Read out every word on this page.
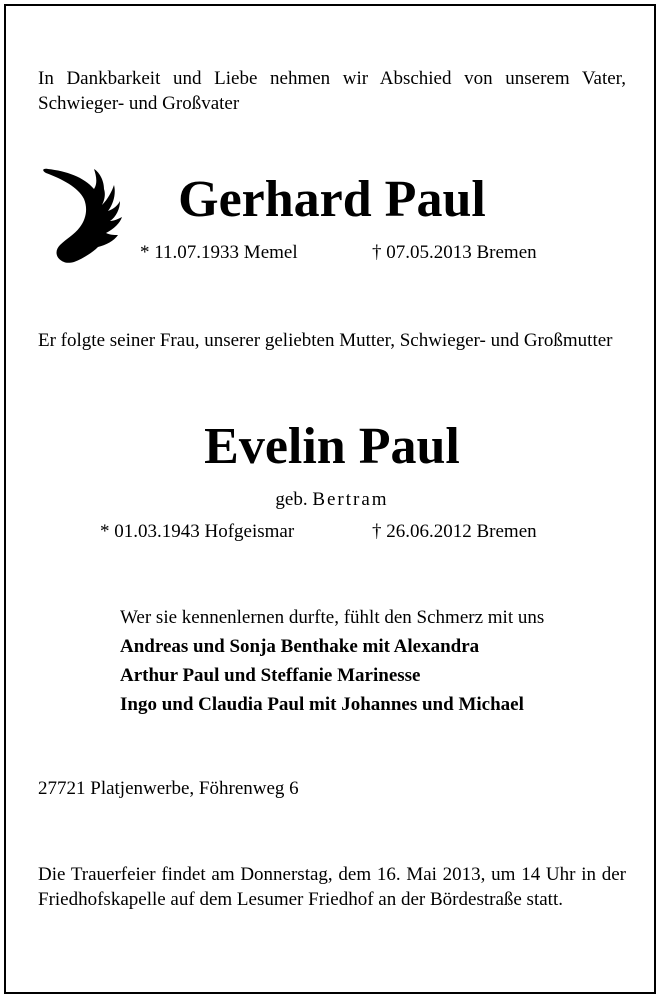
In Dankbarkeit und Liebe nehmen wir Abschied von unserem Vater, Schwieger- und Großvater
Gerhard Paul
* 11.07.1933 Memel	† 07.05.2013 Bremen
Er folgte seiner Frau, unserer geliebten Mutter, Schwieger- und Großmutter
Evelin Paul
geb. Bertram
* 01.03.1943 Hofgeismar	† 26.06.2012 Bremen
Wer sie kennenlernen durfte, fühlt den Schmerz mit uns
Andreas und Sonja Benthake mit Alexandra
Arthur Paul und Steffanie Marinesse
Ingo und Claudia Paul mit Johannes und Michael
27721 Platjenwerbe, Föhrenweg 6
Die Trauerfeier findet am Donnerstag, dem 16. Mai 2013, um 14 Uhr in der Friedhofskapelle auf dem Lesumer Friedhof an der Bördestraße statt.
